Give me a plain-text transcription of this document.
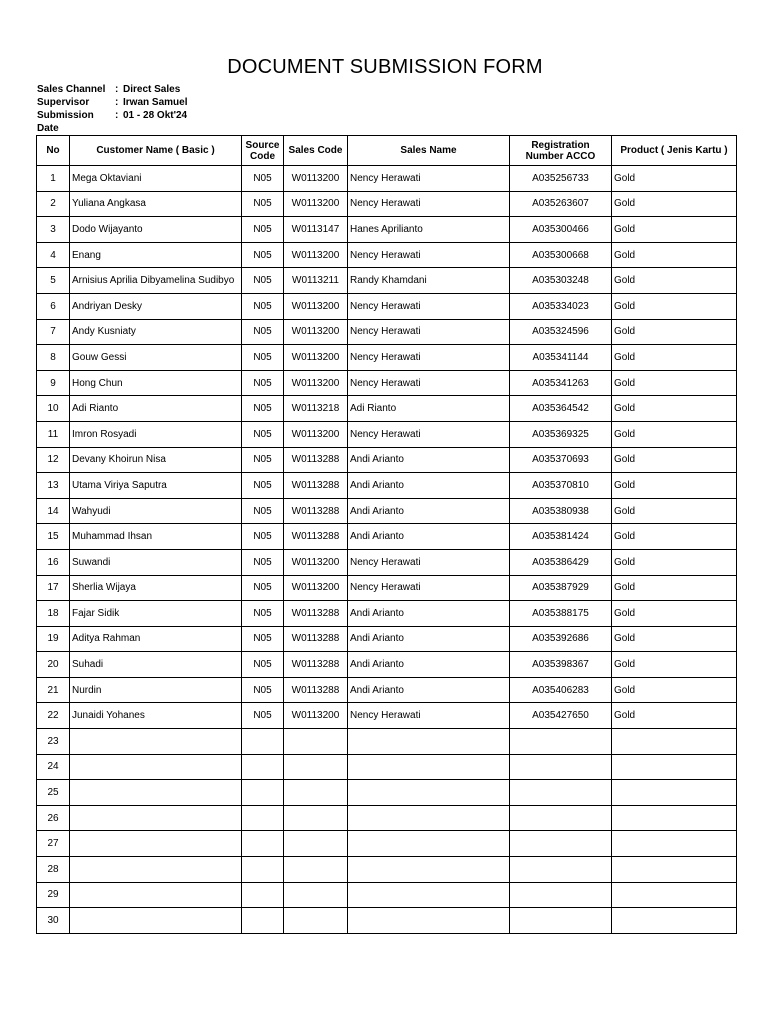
DOCUMENT SUBMISSION FORM
Sales Channel : Direct Sales
Supervisor	: Irwan Samuel
Submission Date
: 01 - 28 Okt'24
No	Customer Name ( Basic )	Source Code	Sales Code	Sales Name	Registration Number ACCO	Product ( Jenis Kartu )
1	Mega Oktaviani	N05	W0113200	Nency Herawati	A035256733	Gold
2	Yuliana Angkasa	N05	W0113200	Nency Herawati	A035263607	Gold
3	Dodo Wijayanto	N05	W0113147	Hanes Aprilianto	A035300466	Gold
4	Enang	N05	W0113200	Nency Herawati	A035300668	Gold
5	Arnisius Aprilia Dibyamelina Sudibyo	N05	W0113211	Randy Khamdani	A035303248	Gold
6	Andriyan Desky	N05	W0113200	Nency Herawati	A035334023	Gold
7	Andy Kusniaty	N05	W0113200	Nency Herawati	A035324596	Gold
8	Gouw Gessi	N05	W0113200	Nency Herawati	A035341144	Gold
9	Hong Chun	N05	W0113200	Nency Herawati	A035341263	Gold
10	Adi Rianto	N05	W0113218	Adi Rianto	A035364542	Gold
11	Imron Rosyadi	N05	W0113200	Nency Herawati	A035369325	Gold
12	Devany Khoirun Nisa	N05	W0113288	Andi Arianto	A035370693	Gold
13	Utama Viriya Saputra	N05	W0113288	Andi Arianto	A035370810	Gold
14	Wahyudi	N05	W0113288	Andi Arianto	A035380938	Gold
15	Muhammad Ihsan	N05	W0113288	Andi Arianto	A035381424	Gold
16	Suwandi	N05	W0113200	Nency Herawati	A035386429	Gold
17	Sherlia Wijaya	N05	W0113200	Nency Herawati	A035387929	Gold
18	Fajar Sidik	N05	W0113288	Andi Arianto	A035388175	Gold
19	Aditya Rahman	N05	W0113288	Andi Arianto	A035392686	Gold
20	Suhadi	N05	W0113288	Andi Arianto	A035398367	Gold
21	Nurdin	N05	W0113288	Andi Arianto	A035406283	Gold
22	Junaidi Yohanes	N05	W0113200	Nency Herawati	A035427650	Gold
23						
24						
25						
26						
27						
28						
29						
30						
